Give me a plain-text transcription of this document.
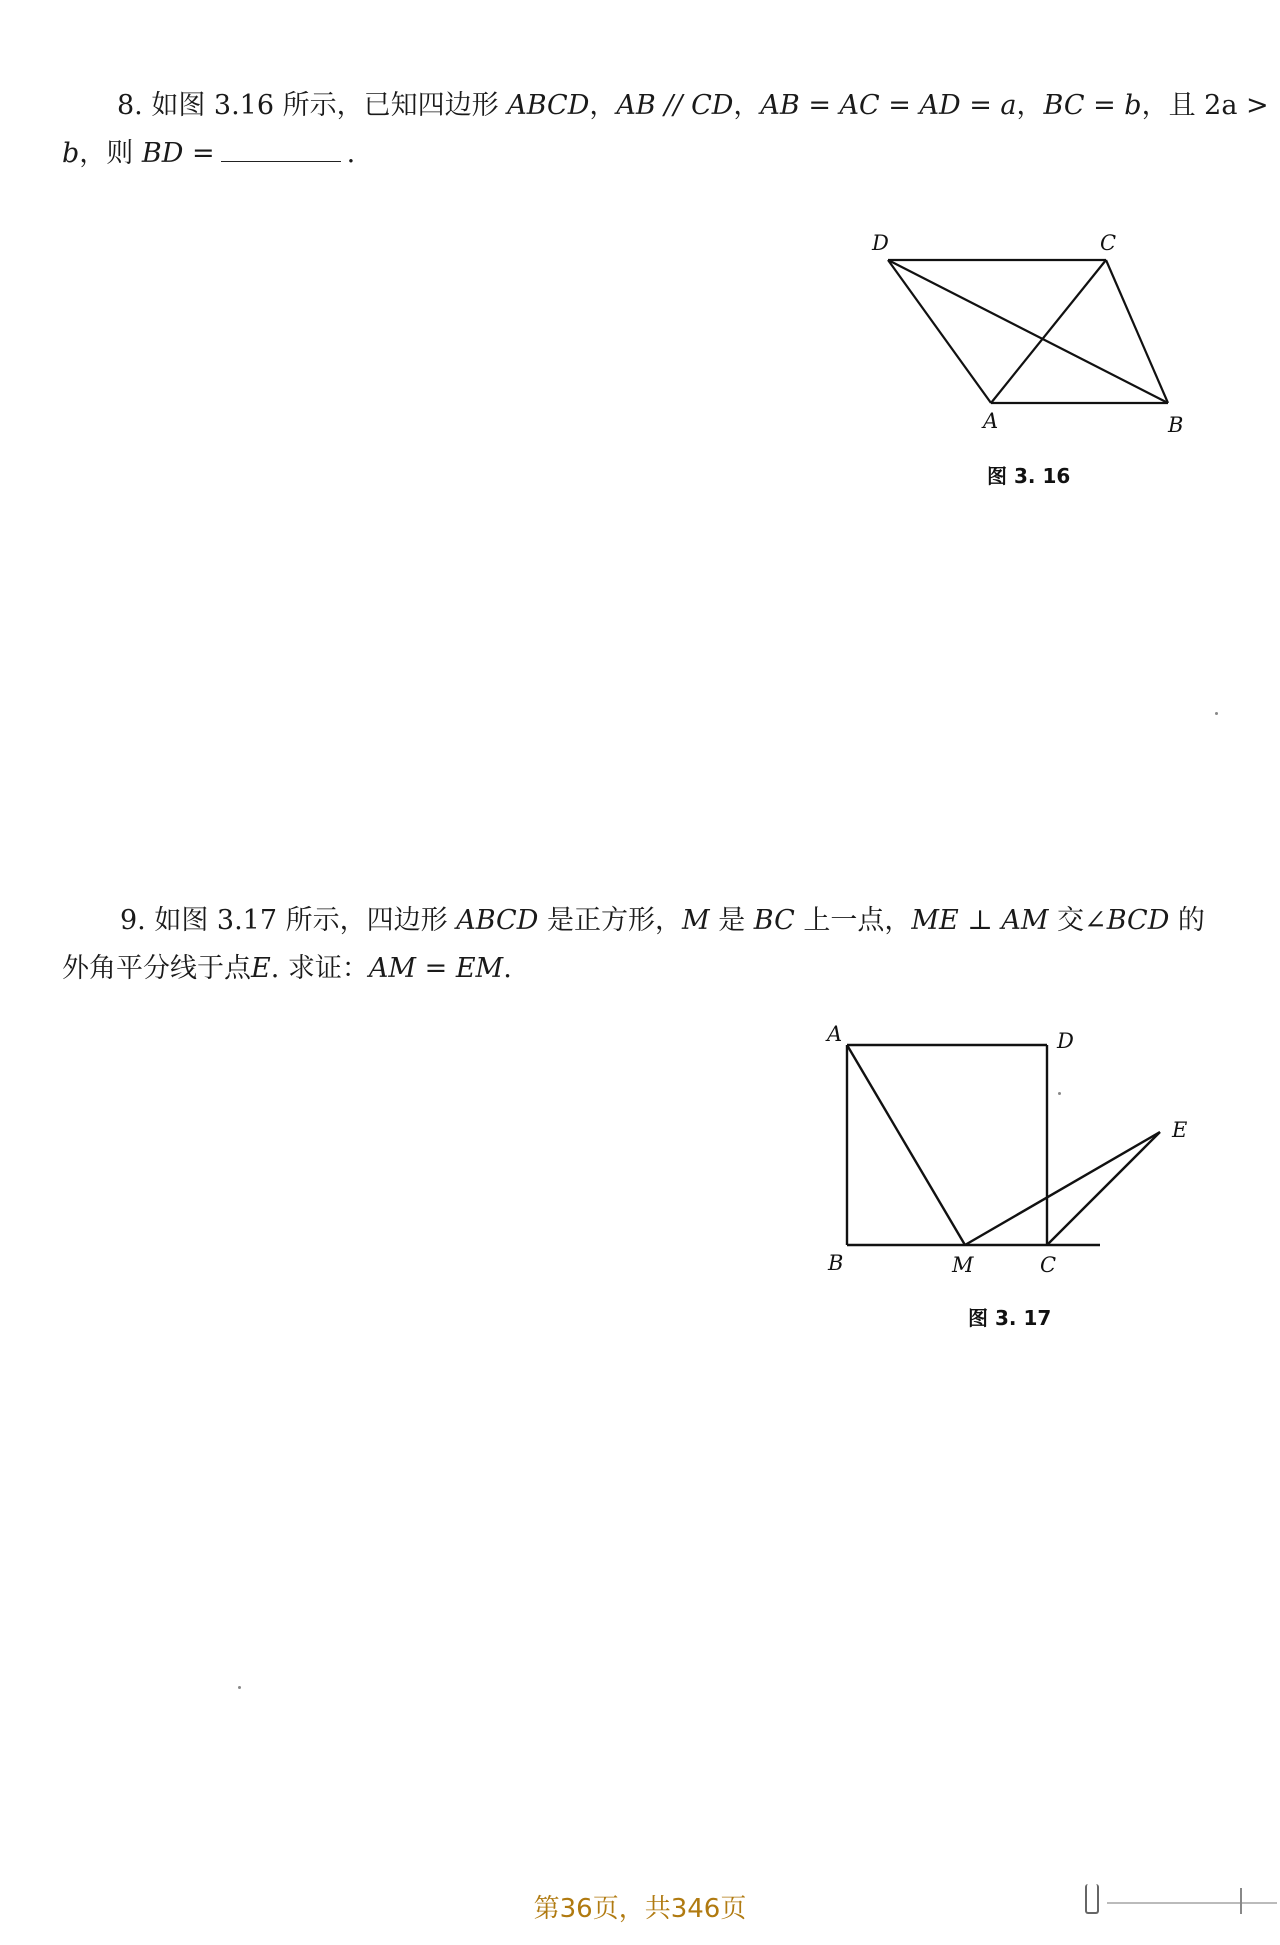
8. 如图 3.16 所示，已知四边形 ABCD，AB // CD，AB = AC = AD = a，BC = b，且 2a >
b，则 BD =	.
D	C
A	B
图 3. 16
9. 如图 3.17 所示，四边形 ABCD 是正方形，M 是 BC 上一点，ME ⊥ AM 交∠BCD 的
外角平分线于点E. 求证：AM = EM.
A	D
E
B	M	C
图 3. 17
第36页，共346页
